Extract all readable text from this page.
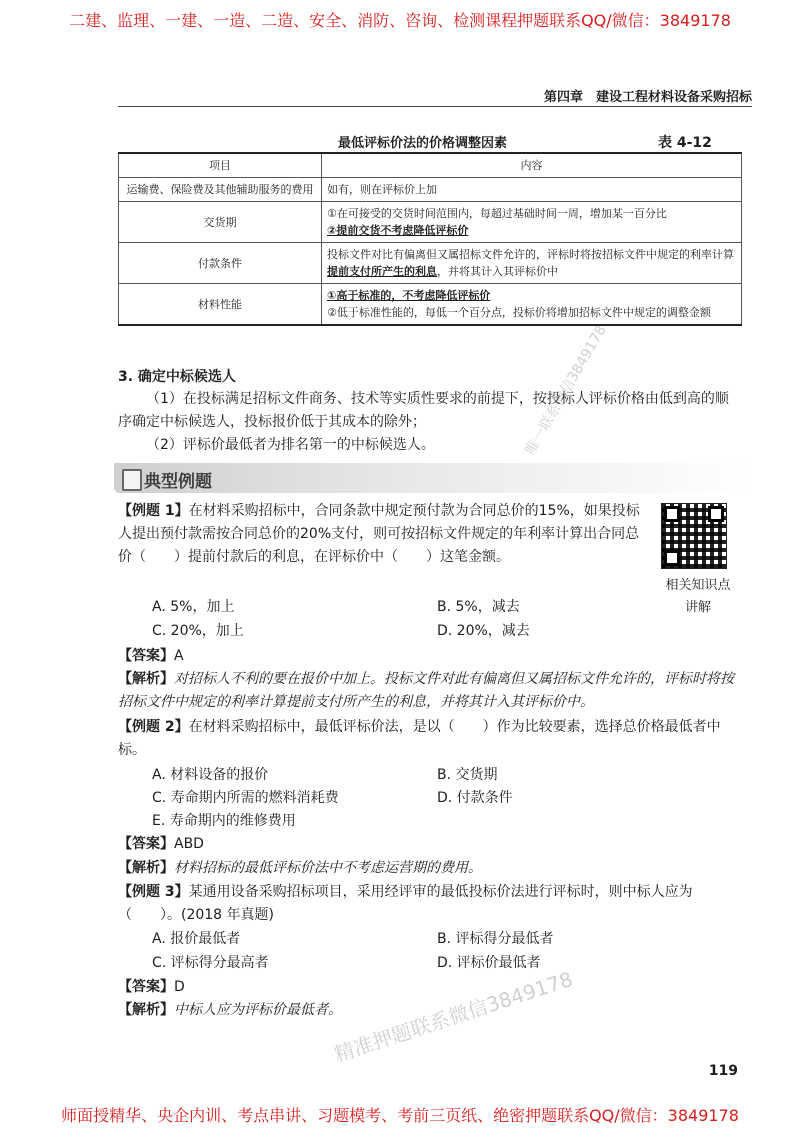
二建、监理、一建、一造、二造、安全、消防、咨询、检测课程押题联系QQ/微信：3849178
第四章　建设工程材料设备采购招标
最低评标价法的价格调整因素	表 4-12
项目	内容
运输费、保险费及其他辅助服务的费用	如有，则在评标价上加

交货期	①在可接受的交货时间范围内，每超过基础时间一周，增加某一百分比
②提前交货不考虑降低评标价

付款条件	投标文件对比有偏离但又属招标文件允许的，评标时将按招标文件中规定的利率计算提前支付所产生的利息，并将其计入其评标价中

材料性能	①高于标准的，不考虑降低评标价
②低于标准性能的，每低一个百分点，投标价将增加招标文件中规定的调整金额
3. 确定中标候选人
（1）在投标满足招标文件商务、技术等实质性要求的前提下，按投标人评标价格由低到高的顺序确定中标候选人，投标报价低于其成本的除外；
（2）评标价最低者为排名第一的中标候选人。
典型例题
相关知识点讲解
【例题 1】在材料采购招标中，合同条款中规定预付款为合同总价的15%，如果投标人提出预付款需按合同总价的20%支付，则可按招标文件规定的年利率计算出合同总价（　　）提前付款后的利息，在评标价中（　　）这笔金额。
A. 5%，加上	B. 5%，减去
C. 20%，加上	D. 20%，减去
【答案】A
【解析】对招标人不利的要在报价中加上。投标文件对此有偏离但又属招标文件允许的，评标时将按招标文件中规定的利率计算提前支付所产生的利息，并将其计入其评标价中。
【例题 2】在材料采购招标中，最低评标价法，是以（　　）作为比较要素，选择总价格最低者中标。
A. 材料设备的报价	B. 交货期
C. 寿命期内所需的燃料消耗费	D. 付款条件
E. 寿命期内的维修费用
【答案】ABD
【解析】材料招标的最低评标价法中不考虑运营期的费用。
【例题 3】某通用设备采购招标项目，采用经评审的最低投标价法进行评标时，则中标人应为（　　）。(2018 年真题)
A. 报价最低者	B. 评标得分最低者
C. 评标得分最高者	D. 评标价最低者
【答案】D
【解析】中标人应为评标价最低者。
唯一联系微信3849178
精准押题联系微信3849178
119
师面授精华、央企内训、考点串讲、习题模考、考前三页纸、绝密押题联系QQ/微信：3849178
